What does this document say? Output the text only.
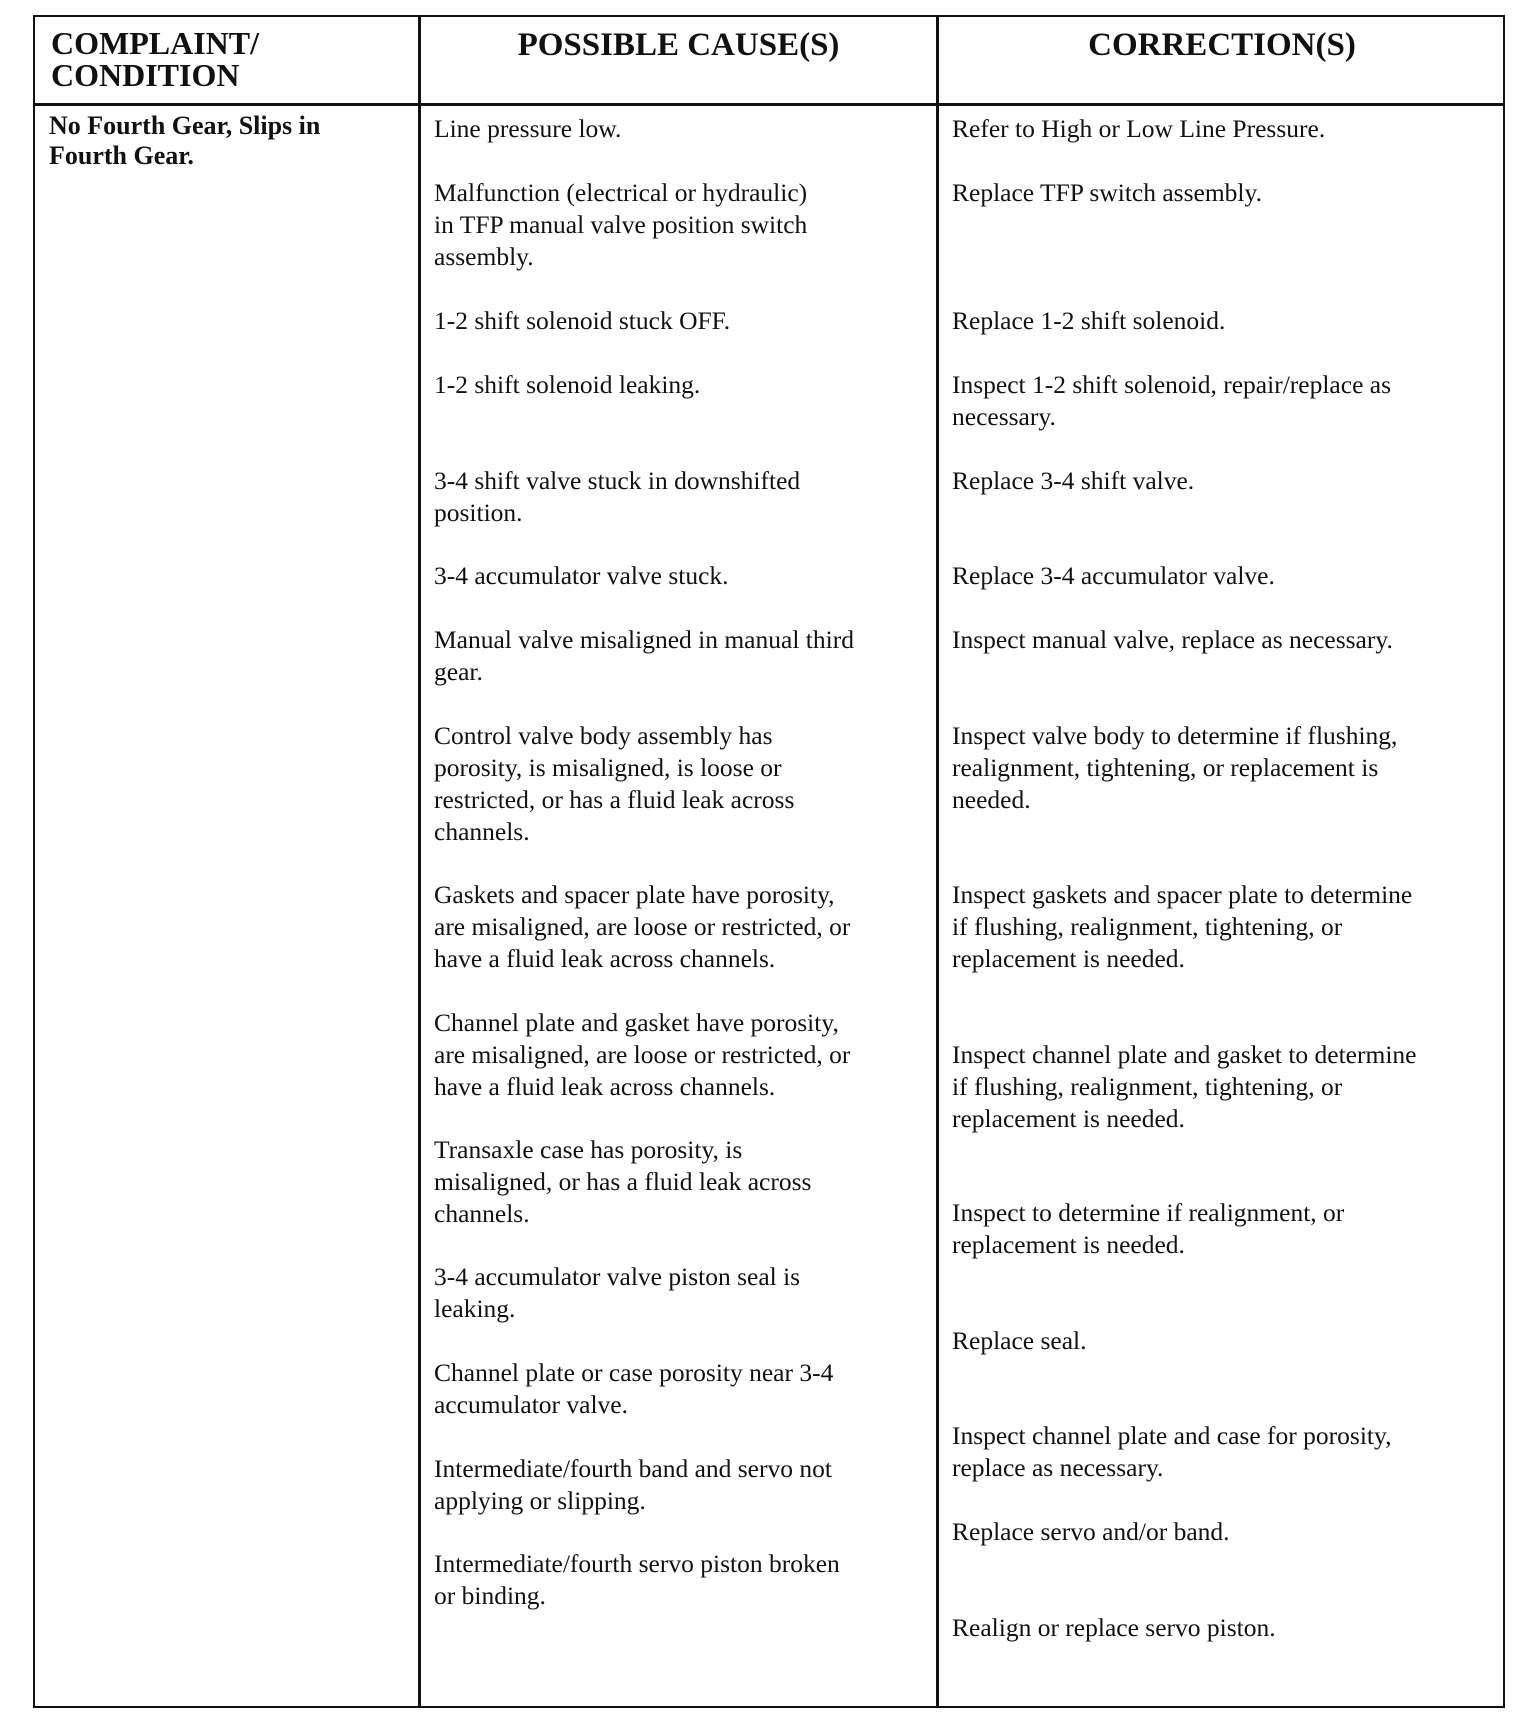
COMPLAINT/
CONDITION
POSSIBLE CAUSE(S)	CORRECTION(S)
No Fourth Gear, Slips in
Fourth Gear.
Line pressure low.
Malfunction (electrical or hydraulic)
in TFP manual valve position switch
assembly.
1-2 shift solenoid stuck OFF.
1-2 shift solenoid leaking.
3-4 shift valve stuck in downshifted
position.
3-4 accumulator valve stuck.
Manual valve misaligned in manual third
gear.
Control valve body assembly has
porosity, is misaligned, is loose or
restricted, or has a fluid leak across
channels.
Gaskets and spacer plate have porosity,
are misaligned, are loose or restricted, or
have a fluid leak across channels.
Channel plate and gasket have porosity,
are misaligned, are loose or restricted, or
have a fluid leak across channels.
Transaxle case has porosity, is
misaligned, or has a fluid leak across
channels.
3-4 accumulator valve piston seal is
leaking.
Channel plate or case porosity near 3-4
accumulator valve.
Intermediate/fourth band and servo not
applying or slipping.
Intermediate/fourth servo piston broken
or binding.
Refer to High or Low Line Pressure.
Replace TFP switch assembly.
Replace 1-2 shift solenoid.
Inspect 1-2 shift solenoid, repair/replace as
necessary.
Replace 3-4 shift valve.
Replace 3-4 accumulator valve.
Inspect manual valve, replace as necessary.
Inspect valve body to determine if flushing,
realignment, tightening, or replacement is
needed.
Inspect gaskets and spacer plate to determine
if flushing, realignment, tightening, or
replacement is needed.
Inspect channel plate and gasket to determine
if flushing, realignment, tightening, or
replacement is needed.
Inspect to determine if realignment, or
replacement is needed.
Replace seal.
Inspect channel plate and case for porosity,
replace as necessary.
Replace servo and/or band.
Realign or replace servo piston.
